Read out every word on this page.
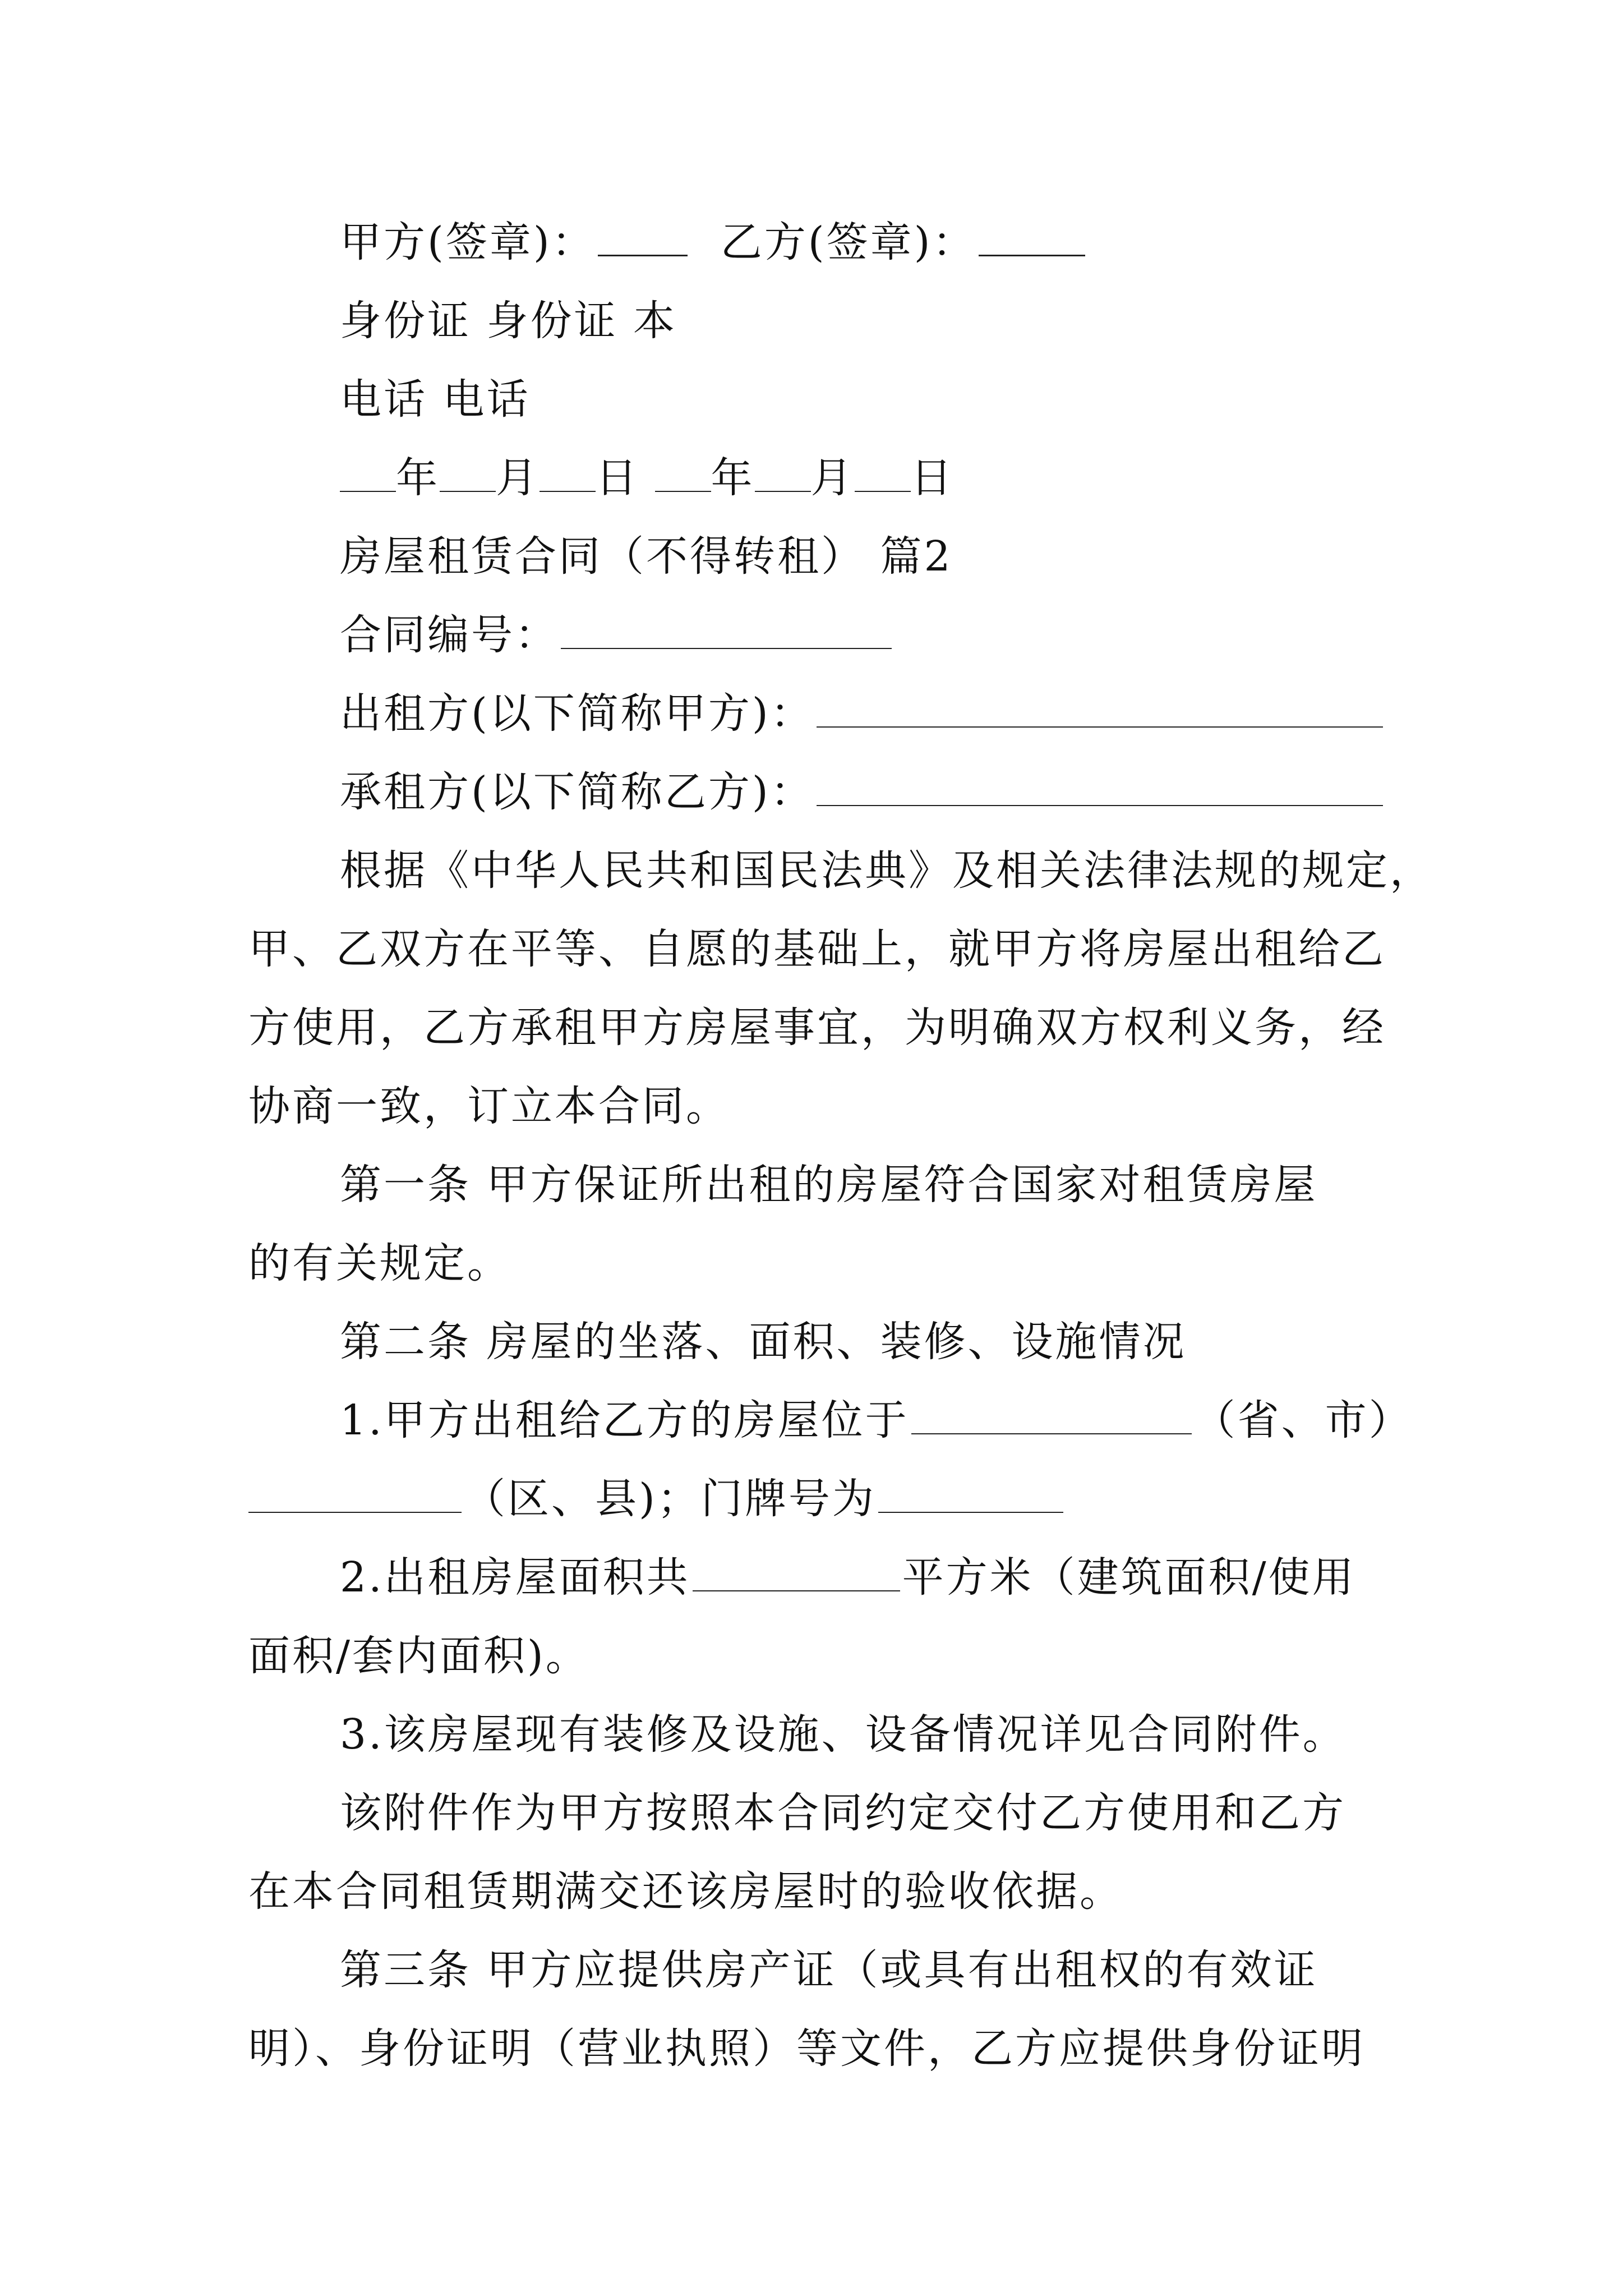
甲方(签章)：	乙方(签章)：
身份证 身份证 本
电话 电话
年 月 日 年 月 日
房屋租赁合同（不得转租） 篇2
合同编号：
出租方(以下简称甲方)：
承租方(以下简称乙方)：
根据《中华人民共和国民法典》及相关法律法规的规定，
甲、乙双方在平等、自愿的基础上，就甲方将房屋出租给乙
方使用，乙方承租甲方房屋事宜，为明确双方权利义务，经
协商一致，订立本合同。
第一条 甲方保证所出租的房屋符合国家对租赁房屋
的有关规定。
第二条 房屋的坐落、面积、装修、设施情况
1.甲方出租给乙方的房屋位于	（省、市）
（区、县)；门牌号为
2.出租房屋面积共	平方米（建筑面积/使用
面积/套内面积)。
3.该房屋现有装修及设施、设备情况详见合同附件。
该附件作为甲方按照本合同约定交付乙方使用和乙方
在本合同租赁期满交还该房屋时的验收依据。
第三条 甲方应提供房产证（或具有出租权的有效证
明）、身份证明（营业执照）等文件，乙方应提供身份证明
